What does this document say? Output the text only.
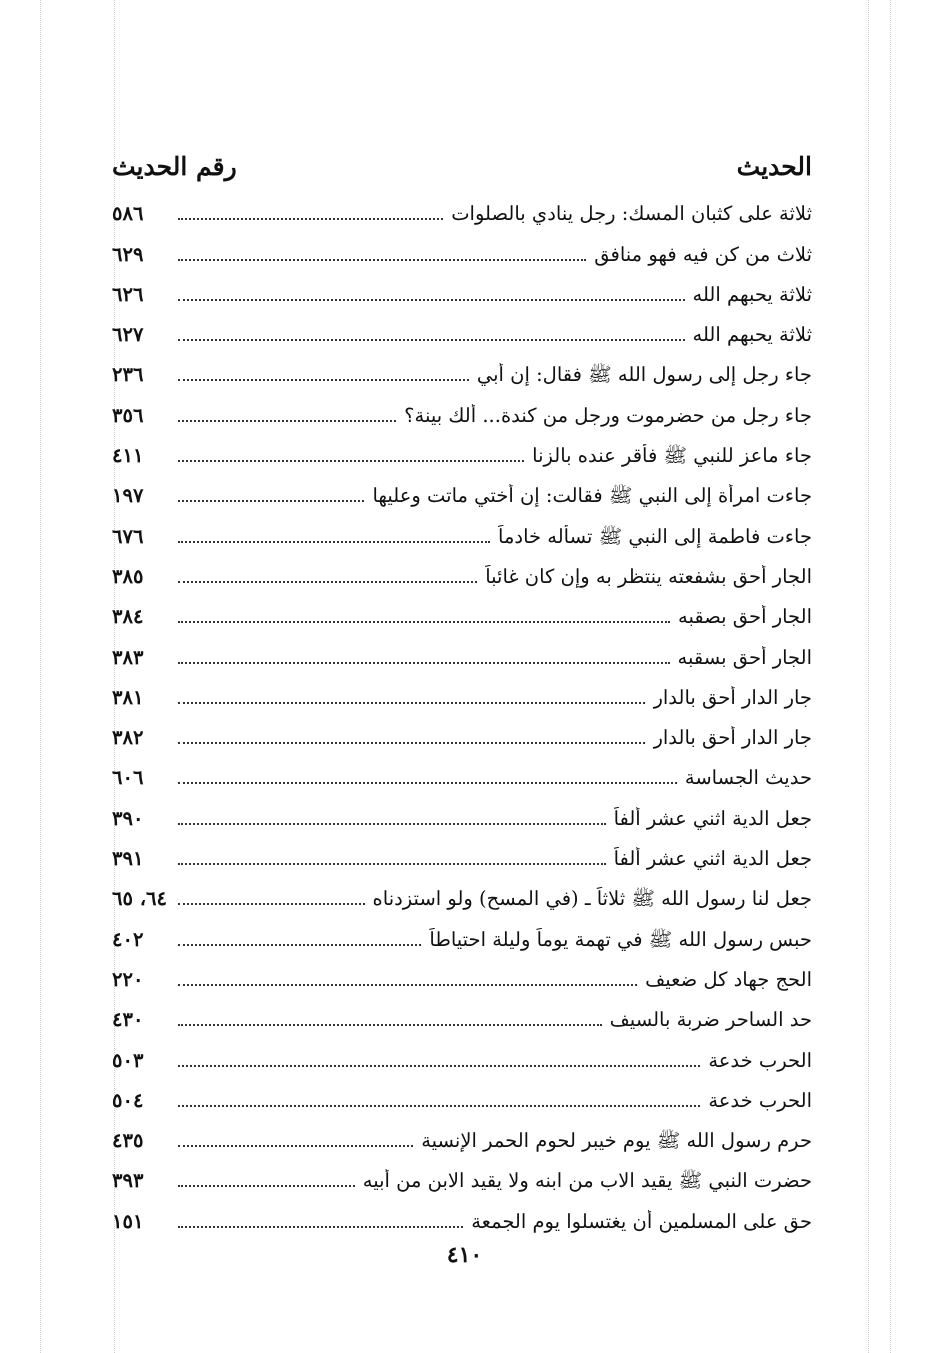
الحديث
رقم الحديث
ثلاثة على كثبان المسك: رجل ينادي بالصلوات
٥٨٦
ثلاث من كن فيه فهو منافق
٦٢٩
ثلاثة يحبهم الله
٦٢٦
ثلاثة يحبهم الله
٦٢٧
جاء رجل إلى رسول الله ﷺ فقال: إن أبي
٢٣٦
جاء رجل من حضرموت ورجل من كندة... ألك بينة؟
٣٥٦
جاء ماعز للنبي ﷺ فأقر عنده بالزنا
٤١١
جاءت امرأة إلى النبي ﷺ فقالت: إن أختي ماتت وعليها
١٩٧
جاءت فاطمة إلى النبي ﷺ تسأله خادماً
٦٧٦
الجار أحق بشفعته ينتظر به وإن كان غائباً
٣٨٥
الجار أحق بصقبه
٣٨٤
الجار أحق بسقبه
٣٨٣
جار الدار أحق بالدار
٣٨١
جار الدار أحق بالدار
٣٨٢
حديث الجساسة
٦٠٦
جعل الدية اثني عشر ألفاً
٣٩٠
جعل الدية اثني عشر ألفاً
٣٩١
جعل لنا رسول الله ﷺ ثلاثاً ـ (في المسح) ولو استزدناه
٦٤، ٦٥
حبس رسول الله ﷺ في تهمة يوماً وليلة احتياطاً
٤٠٢
الحج جهاد كل ضعيف
٢٢٠
حد الساحر ضربة بالسيف
٤٣٠
الحرب خدعة
٥٠٣
الحرب خدعة
٥٠٤
حرم رسول الله ﷺ يوم خيبر لحوم الحمر الإنسية
٤٣٥
حضرت النبي ﷺ يقيد الاب من ابنه ولا يقيد الابن من أبيه
٣٩٣
حق على المسلمين أن يغتسلوا يوم الجمعة
١٥١
٤١٠
